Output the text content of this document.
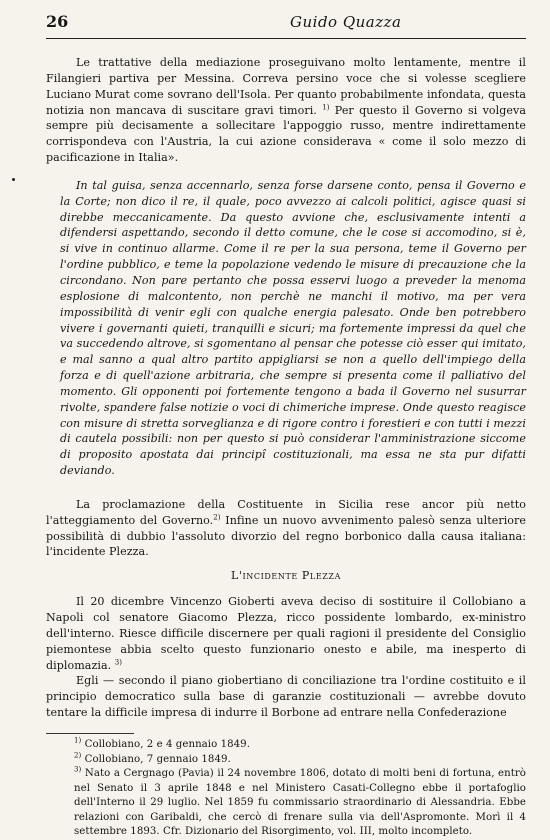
26	Guido Quazza

Le trattative della mediazione proseguivano molto lentamente, mentre il Filangieri partiva per Messina. Correva persino voce che si volesse scegliere Luciano Murat come sovrano dell'Isola. Per quanto probabilmente infondata, questa notizia non mancava di suscitare gravi timori. $^{1)}$ Per questo il Governo si volgeva sempre più decisamente a sollecitare l'appoggio russo, mentre indirettamente corrispondeva con l'Austria, la cui azione considerava « come il solo mezzo di pacificazione in Italia».

In tal guisa, senza accennarlo, senza forse darsene conto, pensa il Governo e la Corte; non dico il re, il quale, poco avvezzo ai calcoli politici, agisce quasi si direbbe meccanicamente. Da questo avvione che, esclusivamente intenti a difendersi aspettando, secondo il detto comune, che le cose si accomodino, si è, si vive in continuo allarme. Come il re per la sua persona, teme il Governo per l'ordine pubblico, e teme la popolazione vedendo le misure di precauzione che la circondano. Non pare pertanto che possa esservi luogo a preveder la menoma esplosione di malcontento, non perchè ne manchi il motivo, ma per vera impossibilità di venir egli con qualche energia palesato. Onde ben potrebbero vivere i governanti quieti, tranquilli e sicuri; ma fortemente impressi da quel che va succedendo altrove, si sgomentano al pensar che potesse ciò esser qui imitato, e mal sanno a qual altro partito appigliarsi se non a quello dell'impiego della forza e di quell'azione arbitraria, che sempre si presenta come il palliativo del momento. Gli opponenti poi fortemente tengono a bada il Governo nel susurrar rivolte, spandere false notizie o voci di chimeriche imprese. Onde questo reagisce con misure di stretta sorveglianza e di rigore contro i forestieri e con tutti i mezzi di cautela possibili: non per questo si può considerar l'amministrazione siccome di proposito apostata dai principî costituzionali, ma essa ne sta pur difatti deviando.

La proclamazione della Costituente in Sicilia rese ancor più netto l'atteggiamento del Governo.$^{2)}$ Infine un nuovo avvenimento palesò senza ulteriore possibilità di dubbio l'assoluto divorzio del regno borbonico dalla causa italiana: l'incidente Plezza.

L'incidente Plezza

Il 20 dicembre Vincenzo Gioberti aveva deciso di sostituire il Collobiano a Napoli col senatore Giacomo Plezza, ricco possidente lombardo, ex-ministro dell'interno. Riesce difficile discernere per quali ragioni il presidente del Consiglio piemontese abbia scelto questo funzionario onesto e abile, ma inesperto di diplomazia. $^{3)}$

Egli — secondo il piano giobertiano di conciliazione tra l'ordine costituito e il principio democratico sulla base di garanzie costituzionali — avrebbe dovuto tentare la difficile impresa di indurre il Borbone ad entrare nella Confederazione

$^{1)}$ Collobiano, 2 e 4 gennaio 1849.

$^{2)}$ Collobiano, 7 gennaio 1849.

$^{3)}$ Nato a Cergnago (Pavia) il 24 novembre 1806, dotato di molti beni di fortuna, entrò nel Senato il 3 aprile 1848 e nel Ministero Casati-Collegno ebbe il portafoglio dell'Interno il 29 luglio. Nel 1859 fu commissario straordinario di Alessandria. Ebbe relazioni con Garibaldi, che cercò di frenare sulla via dell'Aspromonte. Morì il 4 settembre 1893. Cfr. Dizionario del Risorgimento, vol. III, molto incompleto.
